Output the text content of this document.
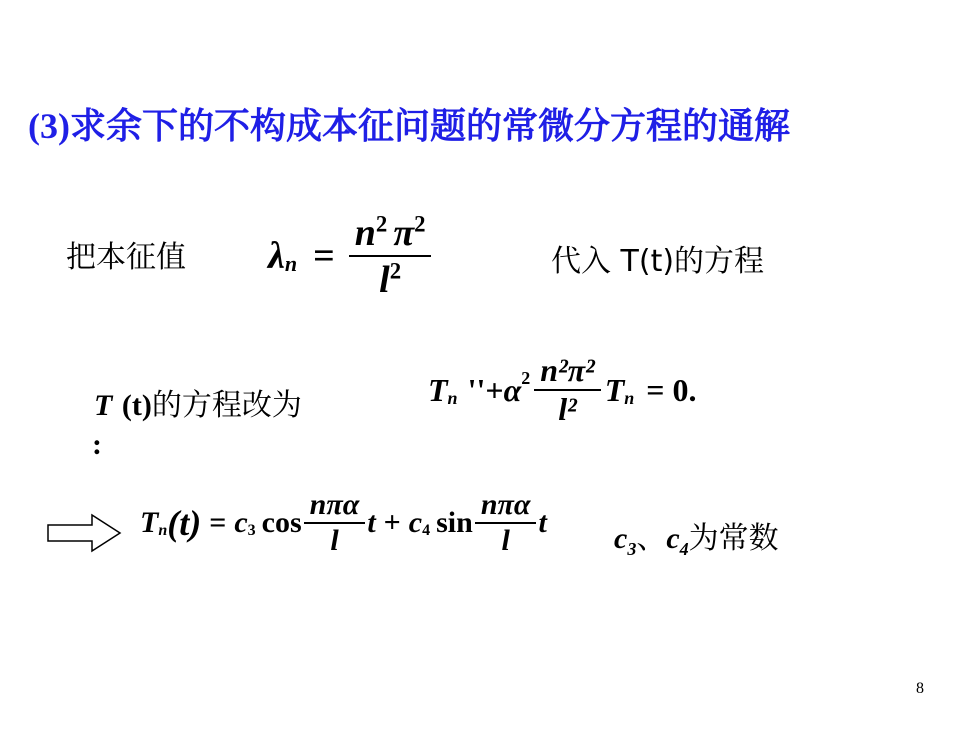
(3)求余下的不构成本征问题的常微分方程的通解
把本征值 $\lambda_n = \frac{n^2 \pi^2}{l^2}$	代入 T(t)的方程
T (t)的方程改为
:
$T_n$ '' + $\alpha^2 \frac{\text{n²π²}}{\text{l²}} T_n = 0$.
$T_n$ $(t) = c_3$ $\cos \frac{\text{nπα}}{l}$ $t + c_4$ $\sin \frac{\text{nπα}}{l}$ t $c_3$、$c_4$为常数
8
